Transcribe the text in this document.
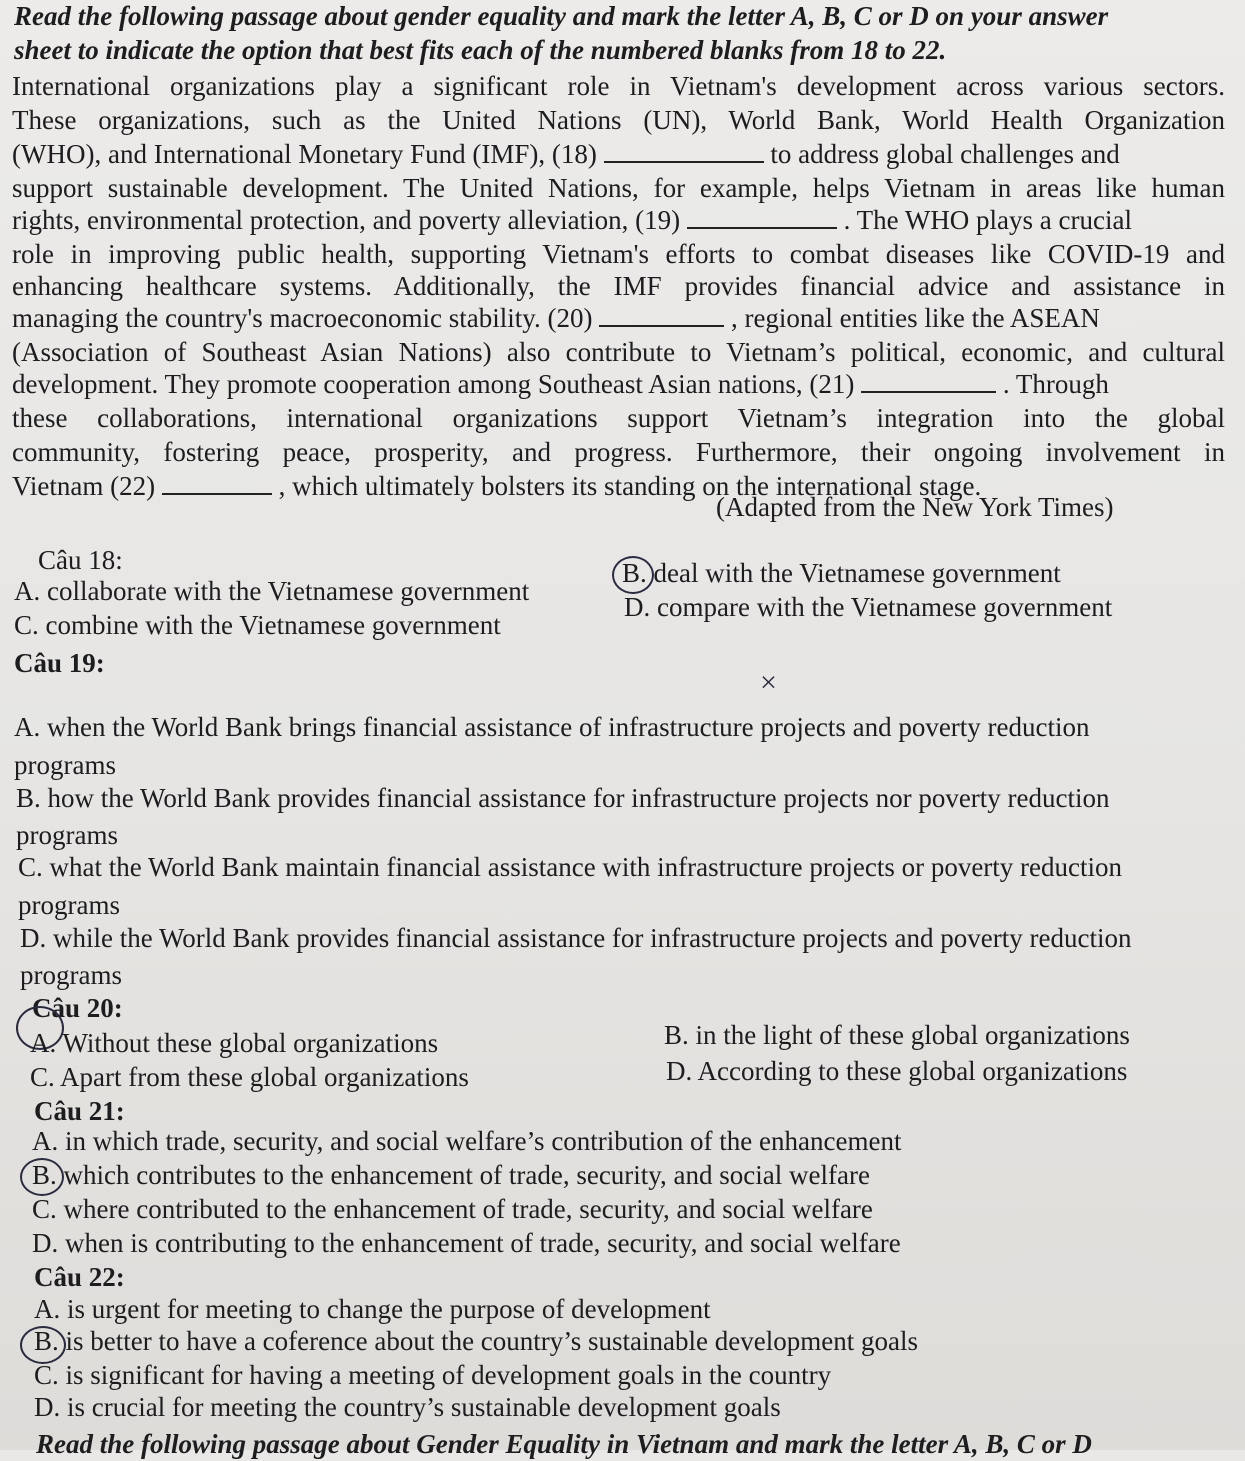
Read the following passage about gender equality and mark the letter A, B, C or D on your answer
sheet to indicate the option that best fits each of the numbered blanks from 18 to 22.
International organizations play a significant role in Vietnam's development across various sectors.
These organizations, such as the United Nations (UN), World Bank, World Health Organization
(WHO), and International Monetary Fund (IMF), (18)	to address global challenges and
support sustainable development. The United Nations, for example, helps Vietnam in areas like human
rights, environmental protection, and poverty alleviation, (19)	. The WHO plays a crucial
role in improving public health, supporting Vietnam's efforts to combat diseases like COVID-19 and
enhancing healthcare systems. Additionally, the IMF provides financial advice and assistance in
managing the country's macroeconomic stability. (20)	, regional entities like the ASEAN
(Association of Southeast Asian Nations) also contribute to Vietnam’s political, economic, and cultural
development. They promote cooperation among Southeast Asian nations, (21)	. Through
these collaborations, international organizations support Vietnam’s integration into the global
community, fostering peace, prosperity, and progress. Furthermore, their ongoing involvement in
Vietnam (22)	, which ultimately bolsters its standing on the international stage.
(Adapted from the New York Times)
Câu 18:
A. collaborate with the Vietnamese government
B. deal with the Vietnamese government
C. combine with the Vietnamese government
D. compare with the Vietnamese government
Câu 19:
×
A. when the World Bank brings financial assistance of infrastructure projects and poverty reduction
programs
B. how the World Bank provides financial assistance for infrastructure projects nor poverty reduction
programs
C. what the World Bank maintain financial assistance with infrastructure projects or poverty reduction
programs
D. while the World Bank provides financial assistance for infrastructure projects and poverty reduction
programs
Câu 20:
A. Without these global organizations	B. in the light of these global organizations
C. Apart from these global organizations	D. According to these global organizations
Câu 21:
A. in which trade, security, and social welfare’s contribution of the enhancement
B. which contributes to the enhancement of trade, security, and social welfare
C. where contributed to the enhancement of trade, security, and social welfare
D. when is contributing to the enhancement of trade, security, and social welfare
Câu 22:
A. is urgent for meeting to change the purpose of development
B. is better to have a coference about the country’s sustainable development goals
C. is significant for having a meeting of development goals in the country
D. is crucial for meeting the country’s sustainable development goals
Read the following passage about Gender Equality in Vietnam and mark the letter A, B, C or D
